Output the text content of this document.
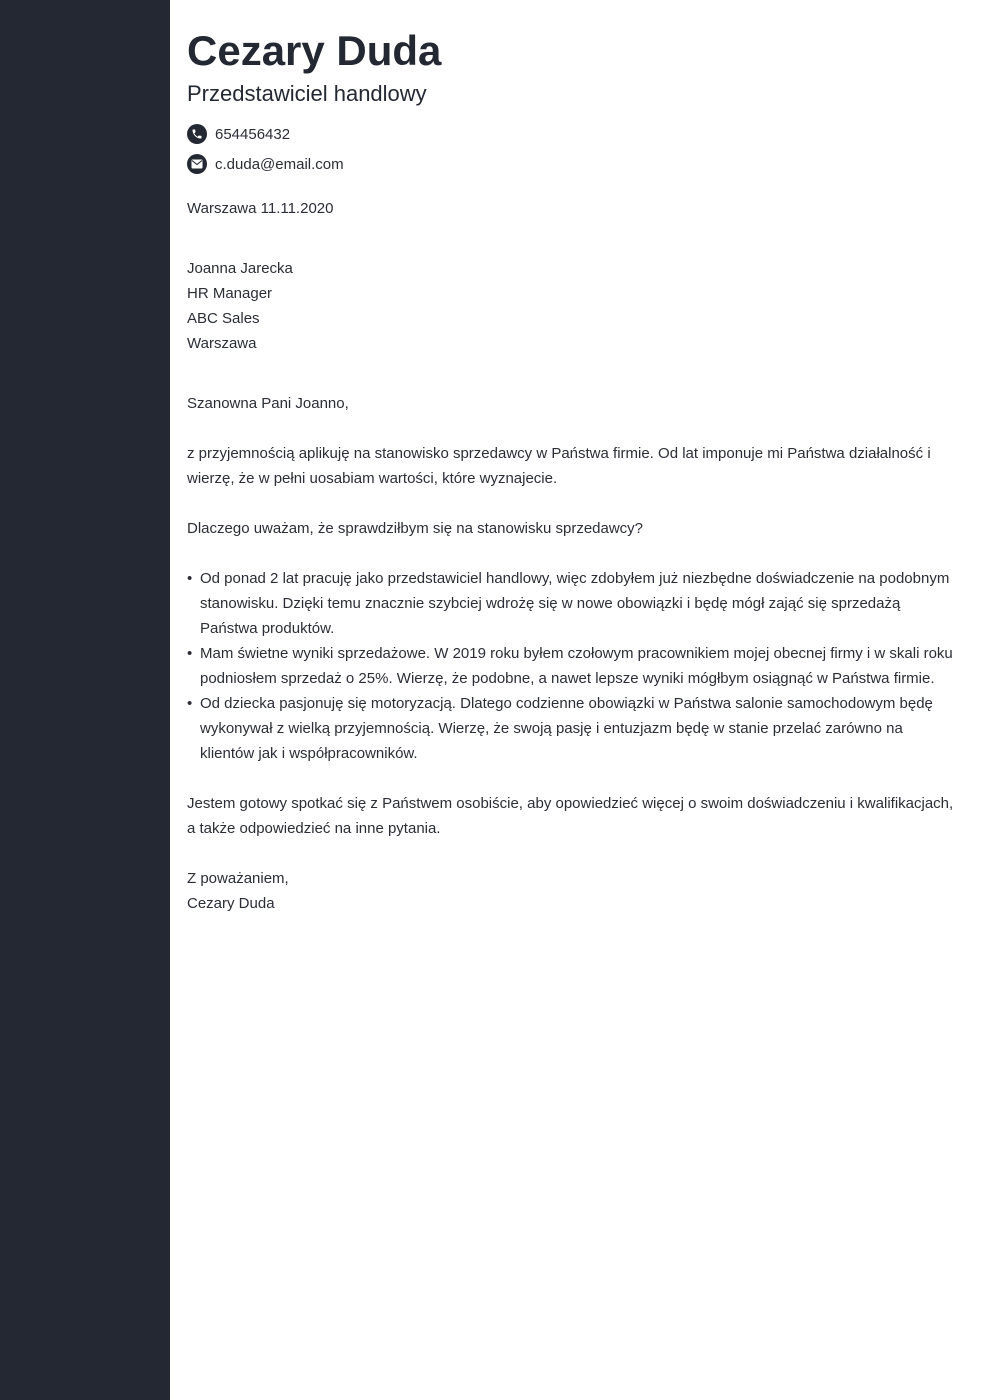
Cezary Duda
Przedstawiciel handlowy
654456432
c.duda@email.com

Warszawa 11.11.2020

Joanna Jarecka

HR Manager

ABC Sales

Warszawa

Szanowna Pani Joanno,

z przyjemnością aplikuję na stanowisko sprzedawcy w Państwa firmie. Od lat imponuje mi Państwa działalność i wierzę, że w pełni uosabiam wartości, które wyznajecie.

Dlaczego uważam, że sprawdziłbym się na stanowisku sprzedawcy?

• Od ponad 2 lat pracuję jako przedstawiciel handlowy, więc zdobyłem już niezbędne doświadczenie na podobnym stanowisku. Dzięki temu znacznie szybciej wdrożę się w nowe obowiązki i będę mógł zająć się sprzedażą Państwa produktów.
• Mam świetne wyniki sprzedażowe. W 2019 roku byłem czołowym pracownikiem mojej obecnej firmy i w skali roku podniosłem sprzedaż o 25%. Wierzę, że podobne, a nawet lepsze wyniki mógłbym osiągnąć w Państwa firmie.
• Od dziecka pasjonuję się motoryzacją. Dlatego codzienne obowiązki w Państwa salonie samochodowym będę wykonywał z wielką przyjemnością. Wierzę, że swoją pasję i entuzjazm będę w stanie przelać zarówno na klientów jak i współpracowników.

Jestem gotowy spotkać się z Państwem osobiście, aby opowiedzieć więcej o swoim doświadczeniu i kwalifikacjach, a także odpowiedzieć na inne pytania.

Z poważaniem,

Cezary Duda
